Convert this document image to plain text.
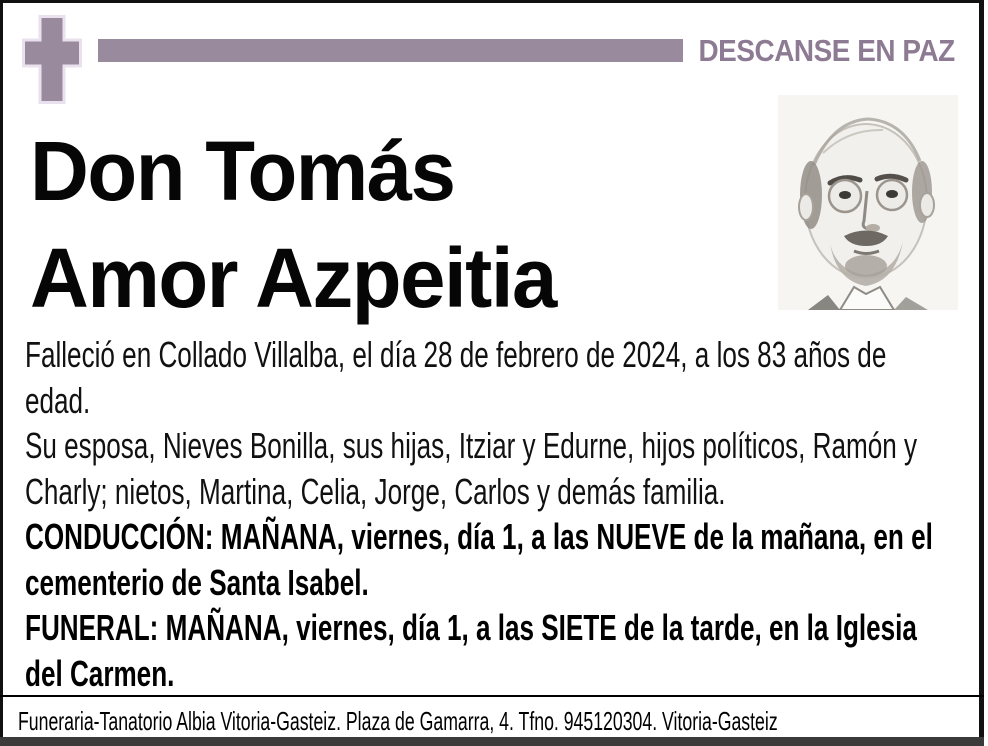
DESCANSE EN PAZ
Don Tomás
Amor Azpeitia

Falleció en Collado Villalba, el día 28 de febrero de 2024, a los 83 años de edad.

Su esposa, Nieves Bonilla, sus hijas, Itziar y Edurne, hijos políticos, Ramón y Charly; nietos, Martina, Celia, Jorge, Carlos y demás familia.

CONDUCCIÓN: MAÑANA, viernes, día 1, a las NUEVE de la mañana, en el cementerio de Santa Isabel.

FUNERAL: MAÑANA, viernes, día 1, a las SIETE de la tarde, en la Iglesia del Carmen.

Funeraria-Tanatorio Albia Vitoria-Gasteiz. Plaza de Gamarra, 4. Tfno. 945120304. Vitoria-Gasteiz
